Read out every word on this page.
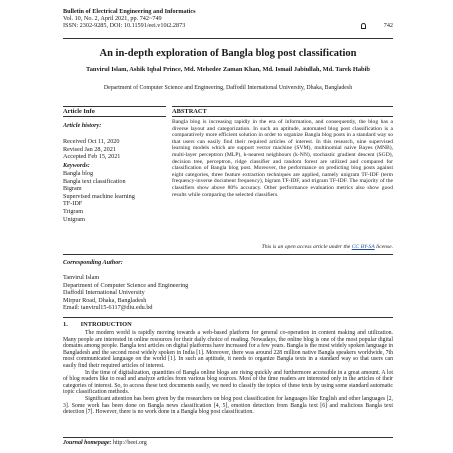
Bulletin of Electrical Engineering and Informatics
Vol. 10, No. 2, April 2021, pp. 742~749
ISSN: 2302-9285, DOI: 10.11591/eei.v10i2.2873	742
An in-depth exploration of Bangla blog post classification
Tanvirul Islam, Ashik Iqbal Prince, Md. Mehedee Zaman Khan, Md. Ismail Jabiullah, Md. Tarek Habib
Department of Computer Science and Engineering, Daffodil International University, Dhaka, Bangladesh
Article Info	ABSTRACT
Article history:
Received Oct 11, 2020
Revised Jan 28, 2021
Accepted Feb 15, 2021
Keywords:
Bangla blog
Bangla text classification
Bigram
Supervised machine learning
TF-IDF
Trigram
Unigram
Bangla blog is increasing rapidly in the era of information, and consequently, the blog has a diverse layout and categorization. In such an aptitude, automated blog post classification is a comparatively more efficient solution in order to organize Bangla blog posts in a standard way so that users can easily find their required articles of interest. In this research, nine supervised learning models which are support vector machine (SVM), multinomial naive Bayes (MNB), multi-layer perceptron (MLP), k-nearest neighbours (k-NN), stochastic gradient descent (SGD), decision tree, perceptron, ridge classifier and random forest are utilized and compared for classification of Bangla blog post. Moreover, the performance on predicting blog posts against eight categories, three feature extraction techniques are applied, namely unigram TF-IDF (term frequency-inverse document frequency), bigram TF-IDF, and trigram TF-IDF. The majority of the classifiers show above 80% accuracy. Other performance evaluation metrics also show good results while comparing the selected classifiers.
This is an open access article under the CC BY-SA license.
Corresponding Author:
Tanvirul Islam
Department of Computer Science and Engineering
Daffodil International University
Mirpur Road, Dhaka, Bangladesh
Email: tanvirul15-6117@diu.edu.bd
1. INTRODUCTION

The modern world is rapidly moving towards a web-based platform for general co-operation in content making and utilization. Many people are interested in online resources for their daily choice of reading. Nowadays, the online blog is one of the most popular digital domains among people. Bangla text articles on digital platforms have increased for a few years. Bangla is the most widely spoken language in Bangladesh and the second most widely spoken in India [1]. Moreover, there was around 228 million native Bangla speakers worldwide, 7th most communicated language on the world [1]. In such an aptitude, it needs to organize Bangla texts in a standard way so that users can easily find their required articles of interest.

In the time of digitalization, quantities of Bangla online blogs are rising quickly and furthermore accessible in a great amount. A lot of blog readers like to read and analyze articles from various blog sources. Most of the time readers are interested only in the articles of their categories of interest. So, to access these text documents easily, we need to classify the topics of these texts by using some standard automatic topic classification methods.

Significant attention has been given by the researchers on blog post classification for languages like English and other languages [2, 3]. Some work has been done on Bangla news classification [4, 5], emotion detection from Bangla text [6] and malicious Bangla text detection [7]. However, there is no work done in a Bangla blog post classification.

Journal homepage: http://beei.org
